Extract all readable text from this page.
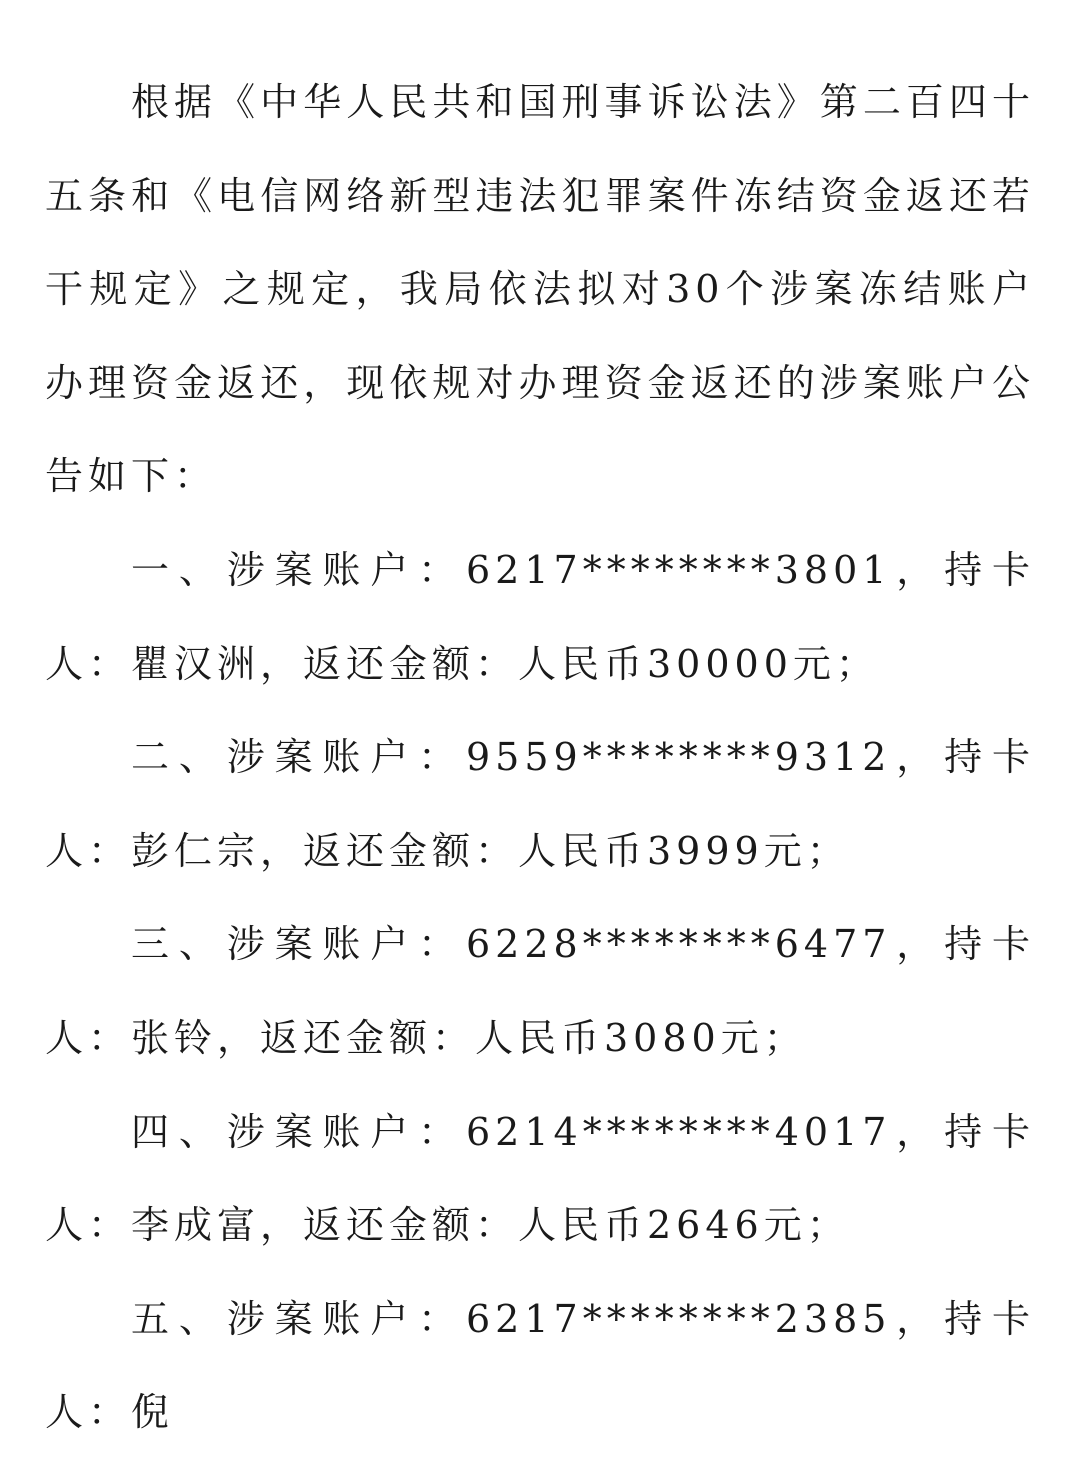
根据《中华人民共和国刑事诉讼法》第二百四十五条和《电信网络新型违法犯罪案件冻结资金返还若干规定》之规定，我局依法拟对30个涉案冻结账户办理资金返还，现依规对办理资金返还的涉案账户公告如下：

一、涉案账户：6217********3801，持卡人：瞿汉洲，返还金额：人民币30000元；

二、涉案账户：9559********9312，持卡人：彭仁宗，返还金额：人民币3999元；

三、涉案账户：6228********6477，持卡人：张铃，返还金额：人民币3080元；

四、涉案账户：6214********4017，持卡人：李成富，返还金额：人民币2646元；

五、涉案账户：6217********2385，持卡人：倪
